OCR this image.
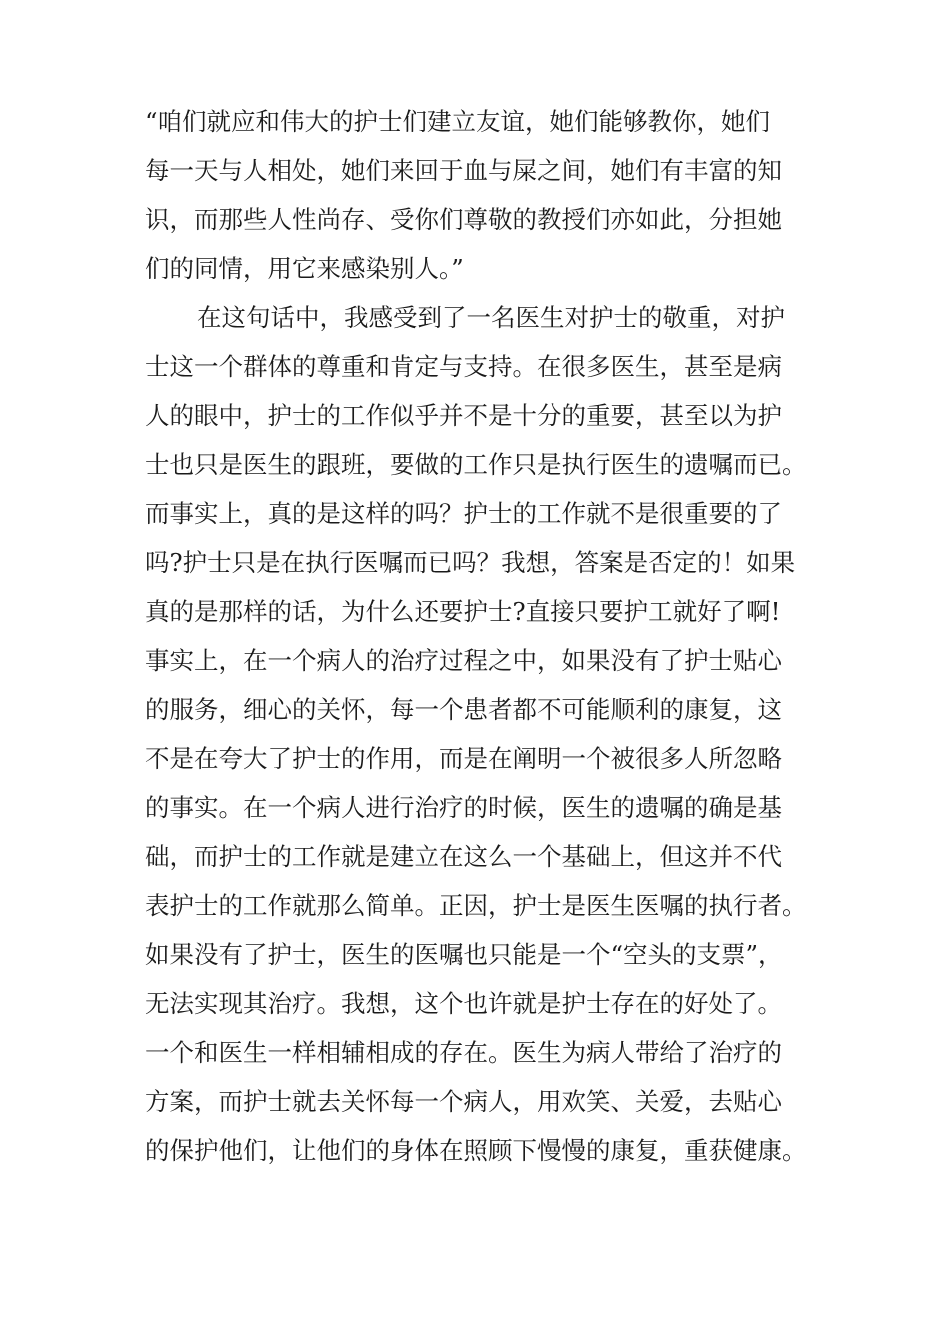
“咱们就应和伟大的护士们建立友谊，她们能够教你，她们
每一天与人相处，她们来回于血与屎之间，她们有丰富的知
识，而那些人性尚存、受你们尊敬的教授们亦如此，分担她
们的同情，用它来感染别人。”
在这句话中，我感受到了一名医生对护士的敬重，对护
士这一个群体的尊重和肯定与支持。在很多医生，甚至是病
人的眼中，护士的工作似乎并不是十分的重要，甚至以为护
士也只是医生的跟班，要做的工作只是执行医生的遗嘱而已。
而事实上，真的是这样的吗？护士的工作就不是很重要的了
吗?护士只是在执行医嘱而已吗？我想，答案是否定的！如果
真的是那样的话，为什么还要护士?直接只要护工就好了啊!
事实上，在一个病人的治疗过程之中，如果没有了护士贴心
的服务，细心的关怀，每一个患者都不可能顺利的康复，这
不是在夸大了护士的作用，而是在阐明一个被很多人所忽略
的事实。在一个病人进行治疗的时候，医生的遗嘱的确是基
础，而护士的工作就是建立在这么一个基础上，但这并不代
表护士的工作就那么简单。正因，护士是医生医嘱的执行者。
如果没有了护士，医生的医嘱也只能是一个“空头的支票”，
无法实现其治疗。我想，这个也许就是护士存在的好处了。
一个和医生一样相辅相成的存在。医生为病人带给了治疗的
方案，而护士就去关怀每一个病人，用欢笑、关爱，去贴心
的保护他们，让他们的身体在照顾下慢慢的康复，重获健康。
